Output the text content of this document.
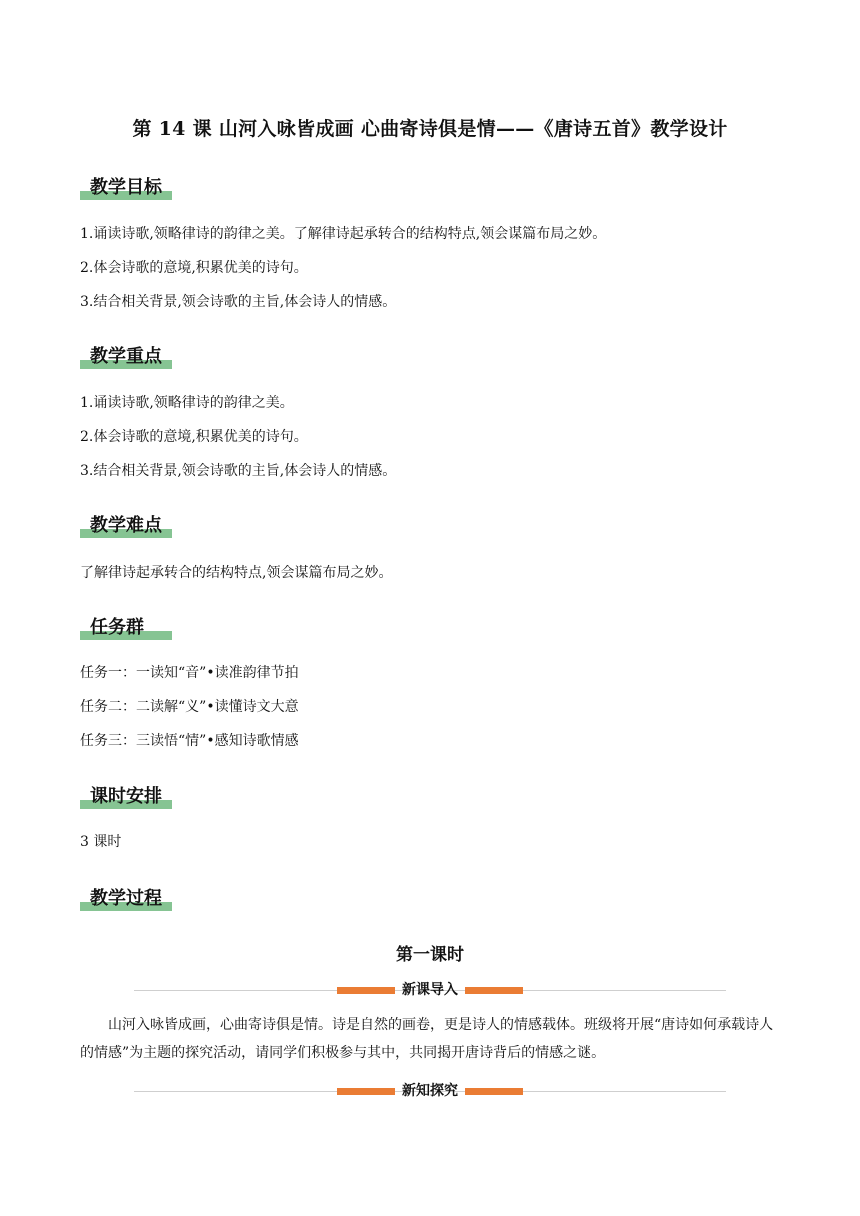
第 14 课 山河入咏皆成画 心曲寄诗俱是情——《唐诗五首》教学设计
教学目标
1.诵读诗歌,领略律诗的韵律之美。了解律诗起承转合的结构特点,领会谋篇布局之妙。
2.体会诗歌的意境,积累优美的诗句。
3.结合相关背景,领会诗歌的主旨,体会诗人的情感。
教学重点
1.诵读诗歌,领略律诗的韵律之美。
2.体会诗歌的意境,积累优美的诗句。
3.结合相关背景,领会诗歌的主旨,体会诗人的情感。
教学难点
了解律诗起承转合的结构特点,领会谋篇布局之妙。
任务群
任务一：一读知“音”•读准韵律节拍
任务二：二读解“义”•读懂诗文大意
任务三：三读悟“情”•感知诗歌情感
课时安排
3 课时
教学过程
第一课时
新课导入
山河入咏皆成画，心曲寄诗俱是情。诗是自然的画卷，更是诗人的情感载体。班级将开展“唐诗如何承载诗人的情感”为主题的探究活动，请同学们积极参与其中，共同揭开唐诗背后的情感之谜。
新知探究
